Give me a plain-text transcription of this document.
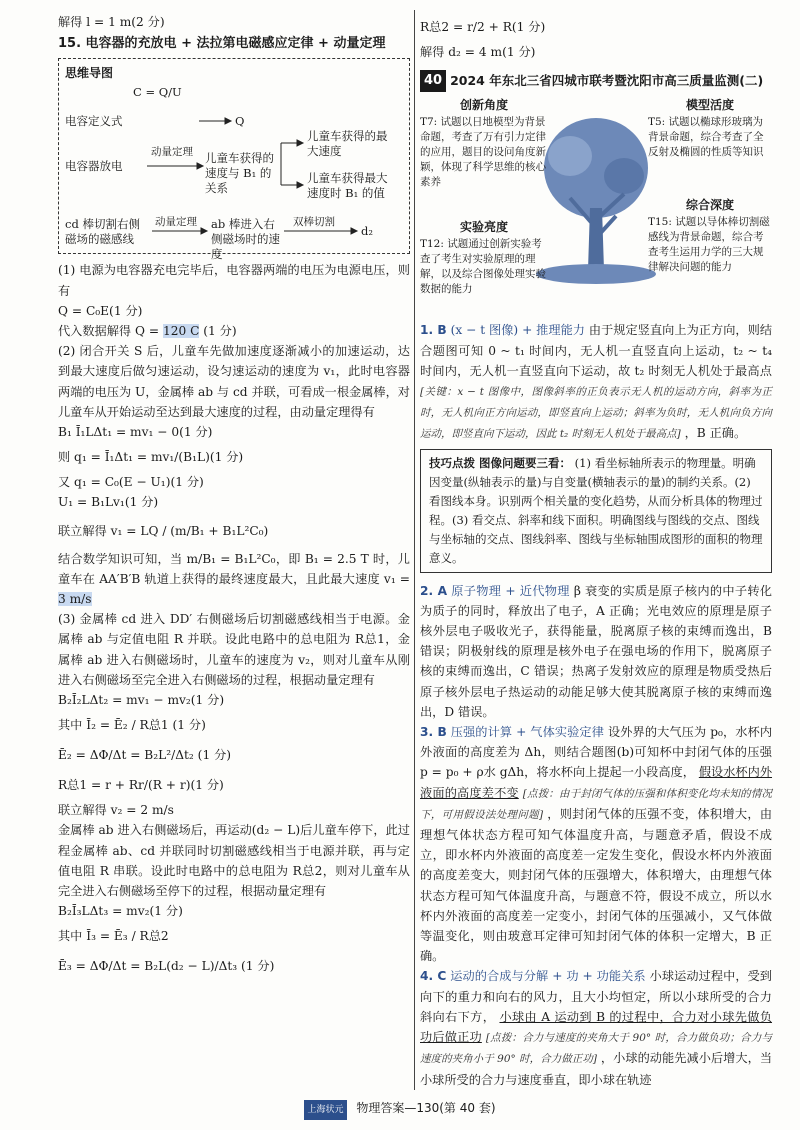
解得 l = 1 m(2 分)

15. 电容器的充放电 + 法拉第电磁感应定律 + 动量定理
思维导图
C = Q/U
电容定义式	Q
电容器放电
动量定理 儿童车获得的速度与 B₁ 的关系
儿童车获得的最大速度
儿童车获得最大速度时 B₁ 的值
cd 棒切割右侧磁场的磁感线
动量定理 ab 棒进入右侧磁场时的速度
双棒切割
d₂

(1) 电源为电容器充电完毕后，电容器两端的电压为电源电压，则有

Q = C₀E(1 分)

代入数据解得 Q = 120 C (1 分)

(2) 闭合开关 S 后，儿童车先做加速度逐渐减小的加速运动，达到最大速度后做匀速运动，设匀速运动的速度为 v₁，此时电容器两端的电压为 U，金属棒 ab 与 cd 并联，可看成一根金属棒，对儿童车从开始运动至达到最大速度的过程，由动量定理得有

B₁ Ī₁LΔt₁ = mv₁ − 0(1 分)

则 q₁ = Ī₁Δt₁ = mv₁/(B₁L)(1 分)

又 q₁ = C₀(E − U₁)(1 分)

U₁ = B₁Lv₁(1 分)

联立解得 v₁ = LQ / (m/B₁ + B₁L²C₀)

结合数学知识可知，当 m/B₁ = B₁L²C₀，即 B₁ = 2.5 T 时，儿童车在 AA′B′B 轨道上获得的最终速度最大，且此最大速度 v₁ = 3 m/s

(3) 金属棒 cd 进入 DD′ 右侧磁场后切割磁感线相当于电源。金属棒 ab 与定值电阻 R 并联。设此电路中的总电阻为 R总1，金属棒 ab 进入右侧磁场时，儿童车的速度为 v₂，则对儿童车从刚进入右侧磁场至完全进入右侧磁场的过程，根据动量定理有

B₂Ī₂LΔt₂ = mv₁ − mv₂(1 分)

其中 Ī₂ = Ē₂ / R总1 (1 分)

Ē₂ = ΔΦ/Δt = B₂L²/Δt₂ (1 分)

R总1 = r + Rr/(R + r)(1 分)

联立解得 v₂ = 2 m/s

金属棒 ab 进入右侧磁场后，再运动(d₂ − L)后儿童车停下，此过程金属棒 ab、cd 并联同时切割磁感线相当于电源并联，再与定值电阻 R 串联。设此时电路中的总电阻为 R总2，则对儿童车从完全进入右侧磁场至停下的过程，根据动量定理有

B₂Ī₃LΔt₃ = mv₂(1 分)

其中 Ī₃ = Ē₃ / R总2

Ē₃ = ΔΦ/Δt = B₂L(d₂ − L)/Δt₃ (1 分)

R总2 = r/2 + R(1 分)

解得 d₂ = 4 m(1 分)

40 2024 年东北三省四城市联考暨沈阳市高三质量监测(二)
创新角度
T7: 试题以日地模型为背景命题，考查了万有引力定律的应用，题目的设问角度新颖，体现了科学思维的核心素养
模型活度
T5: 试题以椭球形玻璃为背景命题，综合考查了全反射及椭圆的性质等知识
实验亮度
T12: 试题通过创新实验考查了考生对实验原理的理解，以及综合图像处理实验数据的能力
综合深度
T15: 试题以导体棒切割磁感线为背景命题，综合考查考生运用力学的三大规律解决问题的能力

1. B (x − t 图像) + 推理能力 由于规定竖直向上为正方向，则结合题图可知 0 ~ t₁ 时间内，无人机一直竖直向上运动，t₂ ~ t₄ 时间内，无人机一直竖直向下运动，故 t₂ 时刻无人机处于最高点 [关键：x − t 图像中，图像斜率的正负表示无人机的运动方向，斜率为正时，无人机向正方向运动，即竖直向上运动；斜率为负时，无人机向负方向运动，即竖直向下运动，因此 t₂ 时刻无人机处于最高点] ，B 正确。

技巧点拨 图像问题要三看： (1) 看坐标轴所表示的物理量。明确因变量(纵轴表示的量)与自变量(横轴表示的量)的制约关系。(2) 看图线本身。识别两个相关量的变化趋势，从而分析具体的物理过程。(3) 看交点、斜率和线下面积。明确图线与图线的交点、图线与坐标轴的交点、图线斜率、图线与坐标轴围成图形的面积的物理意义。

2. A 原子物理 + 近代物理 β 衰变的实质是原子核内的中子转化为质子的同时，释放出了电子，A 正确；光电效应的原理是原子核外层电子吸收光子，获得能量，脱离原子核的束缚而逸出，B 错误；阴极射线的原理是核外电子在强电场的作用下，脱离原子核的束缚而逸出，C 错误；热离子发射效应的原理是物质受热后原子核外层电子热运动的动能足够大使其脱离原子核的束缚而逸出，D 错误。

3. B 压强的计算 + 气体实验定律 设外界的大气压为 p₀，水杯内外液面的高度差为 Δh，则结合题图(b)可知杯中封闭气体的压强 p = p₀ + ρ水 gΔh，将水杯向上提起一小段高度， 假设水杯内外液面的高度差不变 [点拨：由于封闭气体的压强和体积变化均未知的情况下，可用假设法处理问题] ，则封闭气体的压强不变，体积增大，由理想气体状态方程可知气体温度升高，与题意矛盾，假设不成立，即水杯内外液面的高度差一定发生变化，假设水杯内外液面的高度差变大，则封闭气体的压强增大，体积增大，由理想气体状态方程可知气体温度升高，与题意不符，假设不成立，所以水杯内外液面的高度差一定变小，封闭气体的压强减小，又气体做等温变化，则由玻意耳定律可知封闭气体的体积一定增大，B 正确。

4. C 运动的合成与分解 + 功 + 功能关系 小球运动过程中，受到向下的重力和向右的风力，且大小均恒定，所以小球所受的合力斜向右下方， 小球由 A 运动到 B 的过程中，合力对小球先做负功后做正功 [点拨：合力与速度的夹角大于 90° 时，合力做负功；合力与速度的夹角小于 90° 时，合力做正功] ，小球的动能先减小后增大，当小球所受的合力与速度垂直，即小球在轨迹

上海状元 物理答案—130(第 40 套)
